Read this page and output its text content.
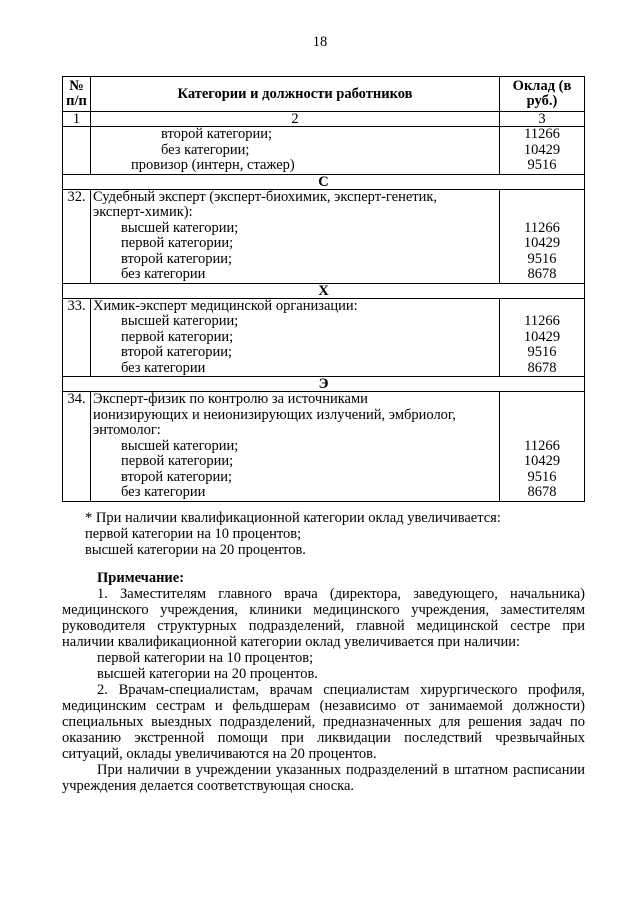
18
№ п/п	Категории и должности работников	Оклад (в руб.)
1	2	3
	второй категории;	11266
	без категории;	10429
	провизор (интерн, стажер)	9516
С		
32.	Судебный эксперт (эксперт-биохимик, эксперт-генетик,	
	эксперт-химик):	
	высшей категории;	11266
	первой категории;	10429
	второй категории;	9516
	без категории	8678
Х		
33.	Химик-эксперт медицинской организации:	
	высшей категории;	11266
	первой категории;	10429
	второй категории;	9516
	без категории	8678
Э		
34.	Эксперт-физик по контролю за источниками	
	ионизирующих и неионизирующих излучений, эмбриолог,	
	энтомолог:	
	высшей категории;	11266
	первой категории;	10429
	второй категории;	9516
	без категории	8678
* При наличии квалификационной категории оклад увеличивается:
первой категории на 10 процентов;
высшей категории на 20 процентов.
Примечание:

1. Заместителям главного врача (директора, заведующего, начальника) медицинского учреждения, клиники медицинского учреждения, заместителям руководителя структурных подразделений, главной медицинской сестре при наличии квалификационной категории оклад увеличивается при наличии:

первой категории на 10 процентов;

высшей категории на 20 процентов.

2. Врачам-специалистам, врачам специалистам хирургического профиля, медицинским сестрам и фельдшерам (независимо от занимаемой должности) специальных выездных подразделений, предназначенных для решения задач по оказанию экстренной помощи при ликвидации последствий чрезвычайных ситуаций, оклады увеличиваются на 20 процентов.

При наличии в учреждении указанных подразделений в штатном расписании учреждения делается соответствующая сноска.
